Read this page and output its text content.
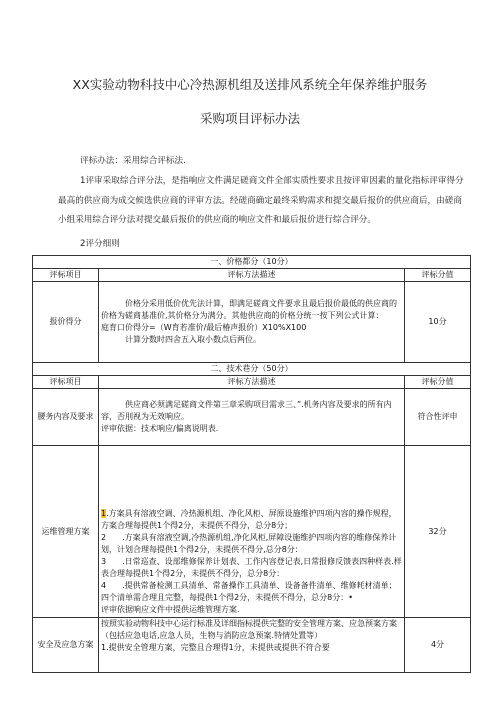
XX实验动物科技中心冷热源机组及送排风系统全年保养维护服务
采购项目评标办法
评标办法：采用综合评标法.
1评审采取综合评分法，是指响应文件满足磋商文件全部实质性要求且按评审因素的量化指标评审得分最高的供应商为成交候选供应商的评审方法。经磋商确定最终采购需求和提交最后报价的供应商后，由磋商小组采用综合评分法对提交最后报价的供应商的响应文件和最后报价进行综合评分。
2评分细则
一、价格都分（10分）		
评标项目	评标方法描述	评标分值
报价得分	价格分采用低价优先法计算，即满足磋商文件要求且最后报价最低的供应商的价格为磋商基准价,其价格分为满分。其他供应商的价格分统一按下列公式计算：
庭育口价得分=（W育若准价/最后椿声报价）X10%X100
计算分数时四舍五入取小数点后两位。	10分
二、技术巷分（50分）		
评标项目	评标方法描述	评标分值
腰务内容及要求	供应商必须满足磋商文件第三章采购项目需求三、”.机务内容及要求的所有内容，否刖视为无效响应。
评审依据：技术响应/偏离说明表.	符合性评申
运维管理方案	1.方案具有溶液空调、冷热源机组、净化风柜、屏原设施维护四项内容的操作规程，方案合理每提供1个得2分，未提供不得分，总分8分；
2　　.方案具有溶液空调,冷热源机组,净化风柜,屏障设施维护四项内容的维修保养计划，计划合理每提供1个得2分，未提供不得分,总分8分：
3　　.日常巡查、设部维修保养计划表、工作内容登记表,日常报修反馈表四种样表.样表合理每提供1个得2分，未提供不得分，总分8分：
4　　.提供常备检测工具清单、常备操作工具清单、设备备件清单、维修耗材清单；四个清单需合理且完整，每提供1个得2分，未提供不得分，总分8分：•
评审依据响应文件中提供运维管理方案.	32分
安全及应急方案	按照实验动物科技中心运行标准及详细指标提供完整的安全管理方案、应急预案方案（包括应急电话,应急人员，生物与消防应急预案.特情处置等）
1.提供安全管理方案，完整且合理得1分，未提供或提供不符合要	4分
